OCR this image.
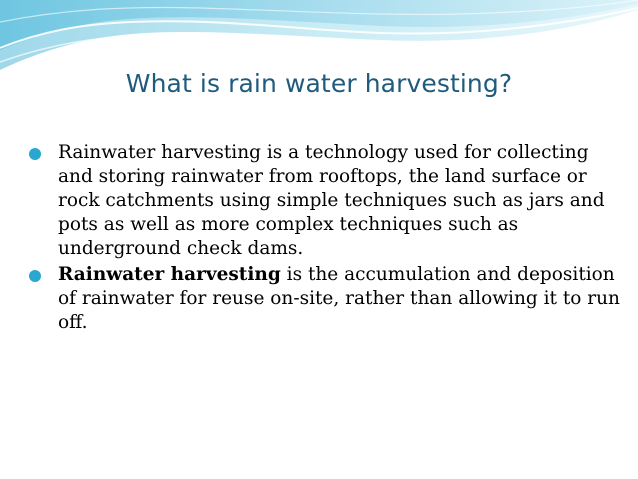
What is rain water harvesting?
Rainwater harvesting is a technology used for collecting and storing rainwater from rooftops, the land surface or rock catchments using simple techniques such as jars and pots as well as more complex techniques such as underground check dams.
Rainwater harvesting is the accumulation and deposition of rainwater for reuse on-site, rather than allowing it to run off.
